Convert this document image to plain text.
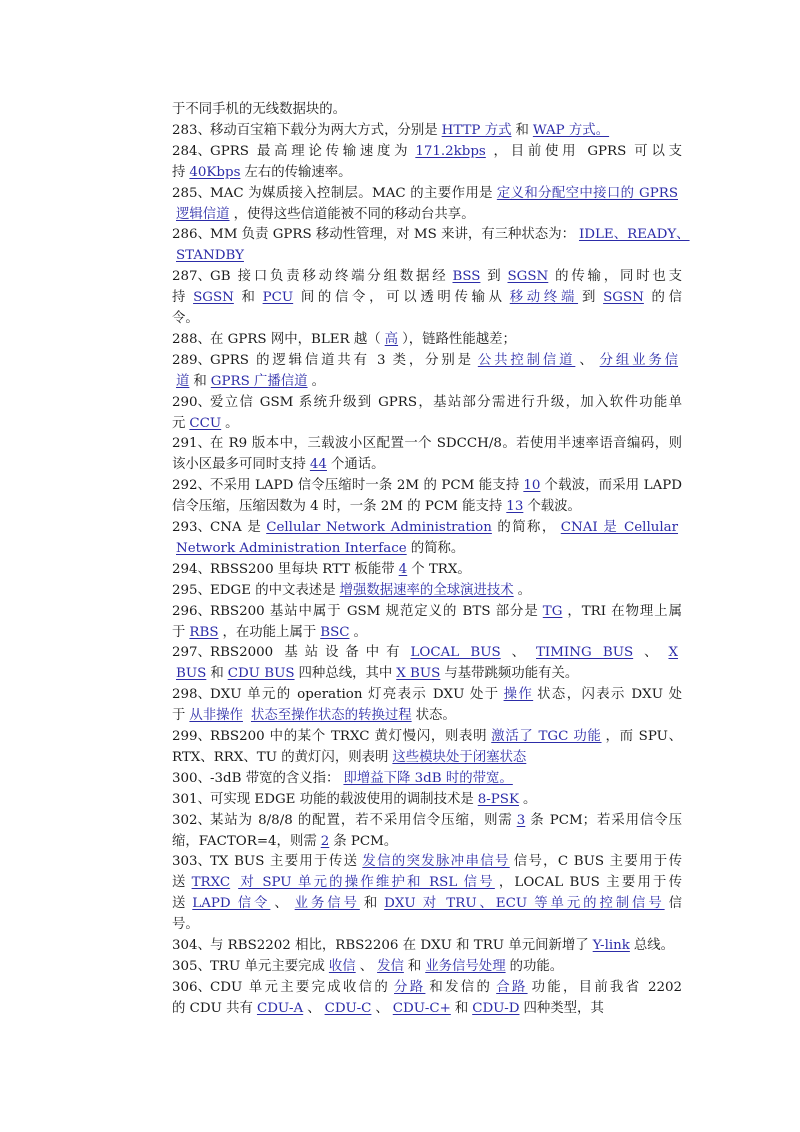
于不同手机的无线数据块的。
283、 移动百宝箱下载分为两大方式，分别是 HTTP 方式 和 WAP 方式。
284、 GPRS 最高理论传输速度为 171.2kbps ，目前使用 GPRS 可以支
持 40Kbps 左右的传输速率。
285、 MAC 为媒质接入控制层。MAC 的主要作用是 定义和分配空中接口的 GPRS
逻辑信道 ，使得这些信道能被不同的移动台共享。
286、 MM 负责 GPRS 移动性管理，对 MS 来讲，有三种状态为： IDLE、READY、
STANDBY
287、 GB 接口负责移动终端分组数据经 BSS 到 SGSN 的传输，同时也支
持 SGSN 和 PCU 间的信令，可以透明传输从 移动终端 到 SGSN 的信
令。
288、 在 GPRS 网中，BLER 越（ 高 ），链路性能越差；
289、 GPRS 的逻辑信道共有 3 类，分别是 公共控制信道 、 分组业务信
道 和 GPRS 广播信道 。
290、 爱立信 GSM 系统升级到 GPRS，基站部分需进行升级，加入软件功能单
元 CCU 。
291、 在 R9 版本中，三载波小区配置一个 SDCCH/8。若使用半速率语音编码，则
该小区最多可同时支持 44 个通话。
292、 不采用 LAPD 信令压缩时一条 2M 的 PCM 能支持 10 个载波，而采用 LAPD
信令压缩，压缩因数为 4 时，一条 2M 的 PCM 能支持 13 个载波。
293、 CNA 是 Cellular Network Administration 的简称， CNAI 是 Cellular
Network Administration Interface 的简称。
294、 RBSS200 里每块 RTT 板能带 4 个 TRX。
295、 EDGE 的中文表述是 增强数据速率的全球演进技术 。
296、 RBS200 基站中属于 GSM 规范定义的 BTS 部分是 TG ，TRI 在物理上属
于 RBS ，在功能上属于 BSC 。
297、 RBS2000 基站设备中有 LOCAL BUS 、 TIMING BUS 、 X
BUS 和 CDU BUS 四种总线，其中 X BUS 与基带跳频功能有关。
298、 DXU 单元的 operation 灯亮表示 DXU 处于 操作 状态，闪表示 DXU 处
于 从非操作 状态至操作状态的转换过程 状态。
299、 RBS200 中的某个 TRXC 黄灯慢闪，则表明 激活了 TGC 功能 ，而 SPU、
RTX、RRX、TU 的黄灯闪，则表明 这些模块处于闭塞状态
300、 -3dB 带宽的含义指： 即增益下降 3dB 时的带宽。
301、 可实现 EDGE 功能的载波使用的调制技术是 8-PSK 。
302、 某站为 8/8/8 的配置，若不采用信令压缩，则需 3 条 PCM；若采用信令压
缩，FACTOR=4，则需 2 条 PCM。
303、 TX BUS 主要用于传送 发信的突发脉冲串信号 信号，C BUS 主要用于传
送 TRXC 对 SPU 单元的操作维护和 RSL 信号 ，LOCAL BUS 主要用于传
送 LAPD 信令 、 业务信号 和 DXU 对 TRU、ECU 等单元的控制信号 信
号。
304、 与 RBS2202 相比，RBS2206 在 DXU 和 TRU 单元间新增了 Y-link 总线。
305、 TRU 单元主要完成 收信 、 发信 和 业务信号处理 的功能。
306、 CDU 单元主要完成收信的 分路 和发信的 合路 功能，目前我省 2202
的 CDU 共有 CDU-A 、 CDU-C 、 CDU-C+ 和 CDU-D 四种类型，其
